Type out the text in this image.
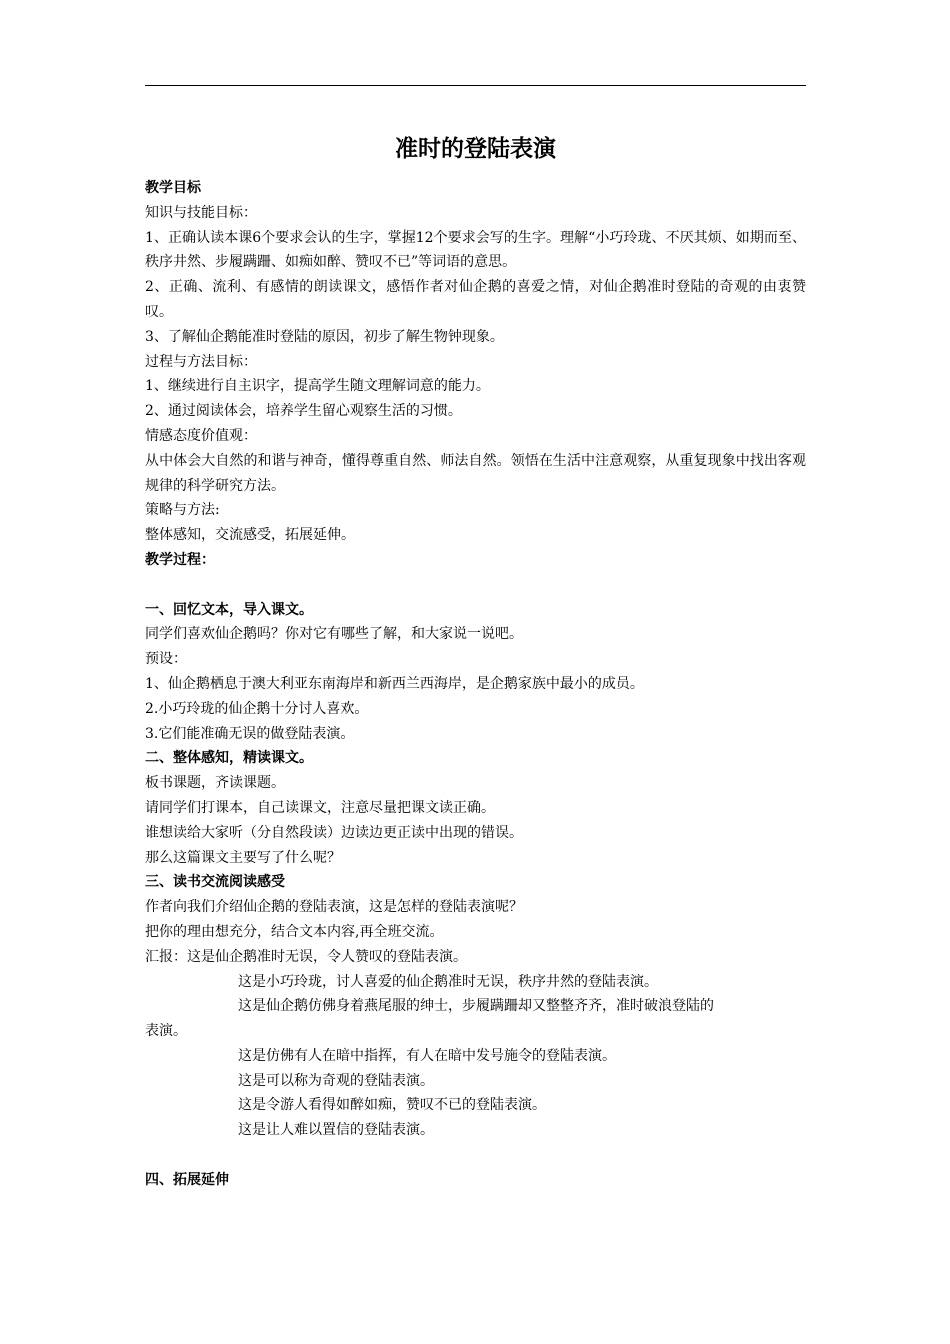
准时的登陆表演
教学目标
知识与技能目标：
1、正确认读本课6个要求会认的生字，掌握12个要求会写的生字。理解“小巧玲珑、不厌其烦、如期而至、秩序井然、步履蹒跚、如痴如醉、赞叹不已”等词语的意思。
2、正确、流利、有感情的朗读课文，感悟作者对仙企鹅的喜爱之情，对仙企鹅准时登陆的奇观的由衷赞叹。
3、了解仙企鹅能准时登陆的原因，初步了解生物钟现象。
过程与方法目标：
1、继续进行自主识字，提高学生随文理解词意的能力。
2、通过阅读体会，培养学生留心观察生活的习惯。
情感态度价值观：
从中体会大自然的和谐与神奇，懂得尊重自然、师法自然。领悟在生活中注意观察，从重复现象中找出客观规律的科学研究方法。
策略与方法:
整体感知，交流感受，拓展延伸。
教学过程：
一、回忆文本，导入课文。
同学们喜欢仙企鹅吗？你对它有哪些了解，和大家说一说吧。
预设：
1、仙企鹅栖息于澳大利亚东南海岸和新西兰西海岸，是企鹅家族中最小的成员。
2.小巧玲珑的仙企鹅十分讨人喜欢。
3.它们能准确无误的做登陆表演。
二、整体感知，精读课文。
板书课题，齐读课题。
请同学们打课本，自己读课文，注意尽量把课文读正确。
谁想读给大家听（分自然段读）边读边更正读中出现的错误。
那么这篇课文主要写了什么呢？
三、读书交流阅读感受
作者向我们介绍仙企鹅的登陆表演，这是怎样的登陆表演呢？
把你的理由想充分，结合文本内容,再全班交流。
汇报：这是仙企鹅准时无误，令人赞叹的登陆表演。
这是小巧玲珑，讨人喜爱的仙企鹅准时无误，秩序井然的登陆表演。
这是仙企鹅仿佛身着燕尾服的绅士，步履蹒跚却又整整齐齐，准时破浪登陆的
表演。
这是仿佛有人在暗中指挥，有人在暗中发号施令的登陆表演。
这是可以称为奇观的登陆表演。
这是令游人看得如醉如痴，赞叹不已的登陆表演。
这是让人难以置信的登陆表演。
四、拓展延伸
